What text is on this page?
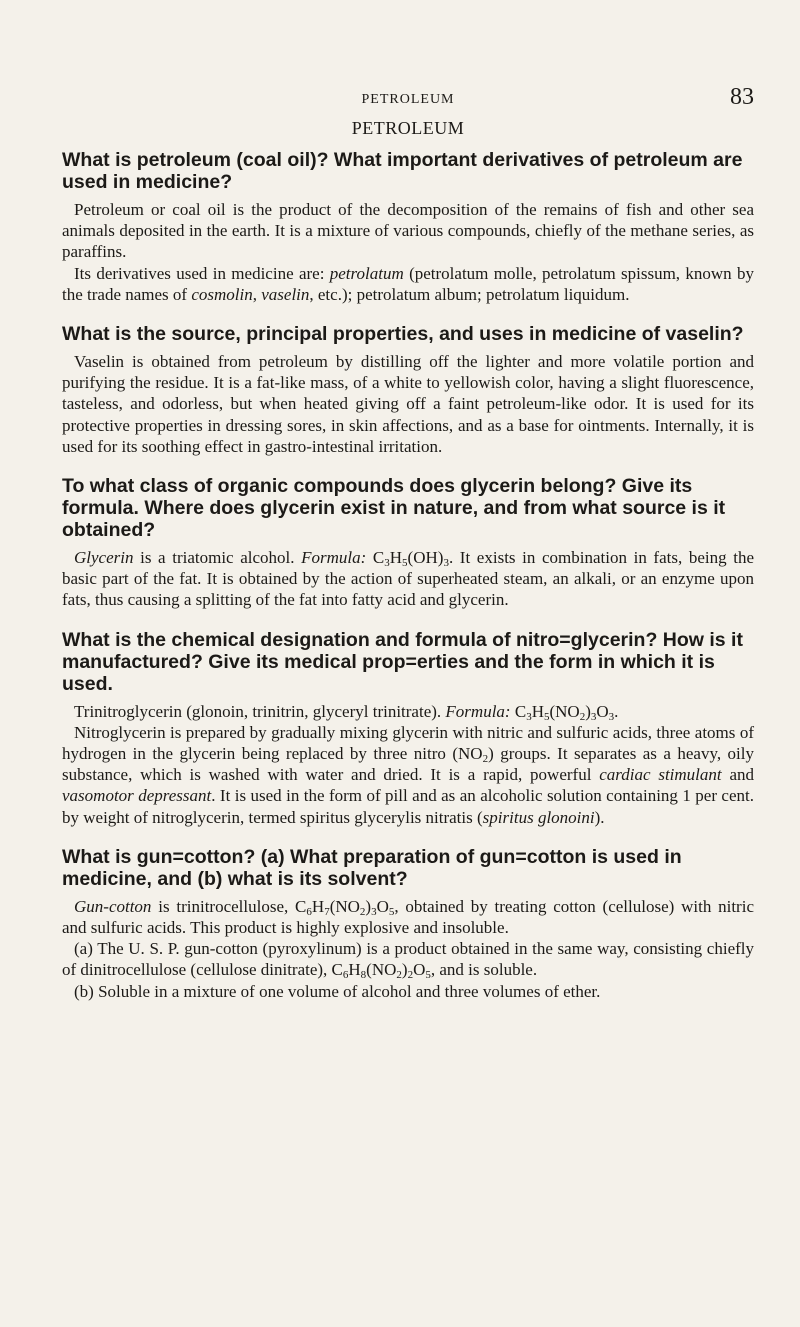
PETROLEUM	83
PETROLEUM
What is petroleum (coal oil)? What important derivatives of petroleum are used in medicine?

Petroleum or coal oil is the product of the decomposition of the remains of fish and other sea animals deposited in the earth. It is a mixture of various compounds, chiefly of the methane series, as paraffins.

Its derivatives used in medicine are: petrolatum (petrolatum molle, petrolatum spissum, known by the trade names of cosmolin, vaselin, etc.); petrolatum album; petrolatum liquidum.

What is the source, principal properties, and uses in medicine of vaselin?

Vaselin is obtained from petroleum by distilling off the lighter and more volatile portion and purifying the residue. It is a fat-like mass, of a white to yellowish color, having a slight fluorescence, tasteless, and odorless, but when heated giving off a faint petroleum-like odor. It is used for its protective properties in dressing sores, in skin affections, and as a base for ointments. Internally, it is used for its soothing effect in gastro-intestinal irritation.

To what class of organic compounds does glycerin belong? Give its formula. Where does glycerin exist in nature, and from what source is it obtained?

Glycerin is a triatomic alcohol. Formula: $C_3H_5(OH)_3$. It exists in combination in fats, being the basic part of the fat. It is obtained by the action of superheated steam, an alkali, or an enzyme upon fats, thus causing a splitting of the fat into fatty acid and glycerin.

What is the chemical designation and formula of nitro=glycerin? How is it manufactured? Give its medical prop=erties and the form in which it is used.

Trinitroglycerin (glonoin, trinitrin, glyceryl trinitrate). Formula: $C_3H_5(NO_2)_3O_3$.

Nitroglycerin is prepared by gradually mixing glycerin with nitric and sulfuric acids, three atoms of hydrogen in the glycerin being replaced by three nitro $(NO_2)$ groups. It separates as a heavy, oily substance, which is washed with water and dried. It is a rapid, powerful cardiac stimulant and vasomotor depressant. It is used in the form of pill and as an alcoholic solution containing 1 per cent. by weight of nitroglycerin, termed spiritus glycerylis nitratis (spiritus glonoini).

What is gun=cotton? (a) What preparation of gun=cotton is used in medicine, and (b) what is its solvent?

Gun-cotton is trinitrocellulose, $C_6H_7(NO_2)_3O_5$, obtained by treating cotton (cellulose) with nitric and sulfuric acids. This product is highly explosive and insoluble.

(a) The U. S. P. gun-cotton (pyroxylinum) is a product obtained in the same way, consisting chiefly of dinitrocellulose (cellulose dinitrate), $C_6H_8(NO_2)_2O_5$, and is soluble.

(b) Soluble in a mixture of one volume of alcohol and three volumes of ether.
